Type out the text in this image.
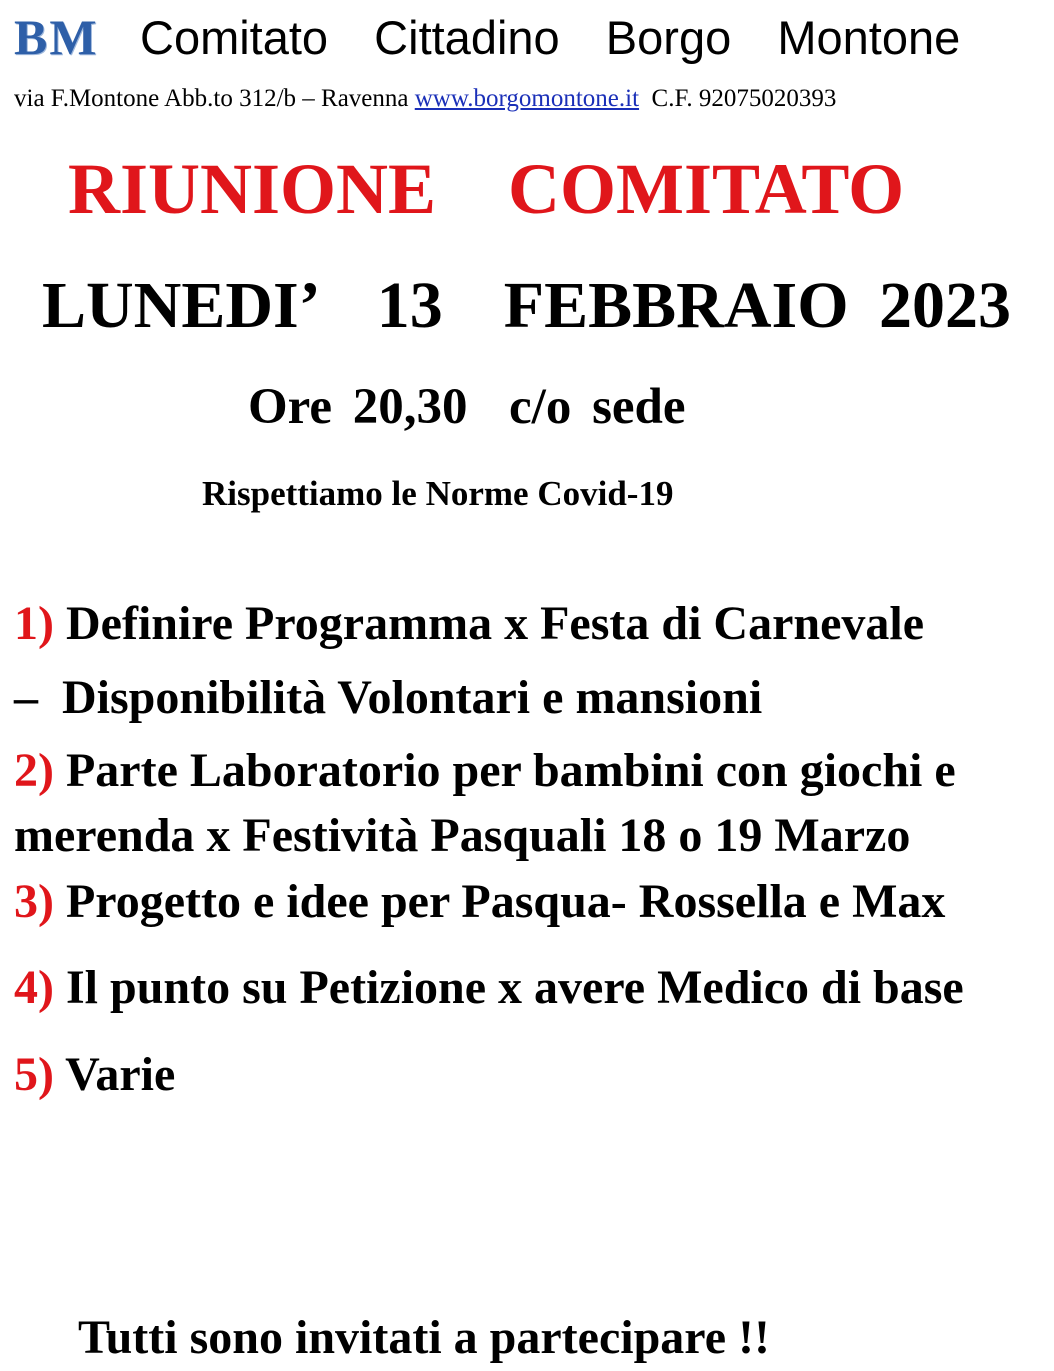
BM Comitato  Cittadino  Borgo  Montone
via F.Montone Abb.to 312/b – Ravenna www.borgomontone.it  C.F. 92075020393
RIUNIONE  COMITATO
LUNEDI’  13  FEBBRAIO 2023
Ore 20,30  c/o sede
Rispettiamo le Norme Covid-19
1) Definire Programma x Festa di Carnevale
–  Disponibilità Volontari e mansioni
2) Parte Laboratorio per bambini con giochi e
merenda x Festività Pasquali 18 o 19 Marzo
3) Progetto e idee per Pasqua- Rossella e Max
4) Il punto su Petizione x avere Medico di base
5) Varie
Tutti sono invitati a partecipare !!
